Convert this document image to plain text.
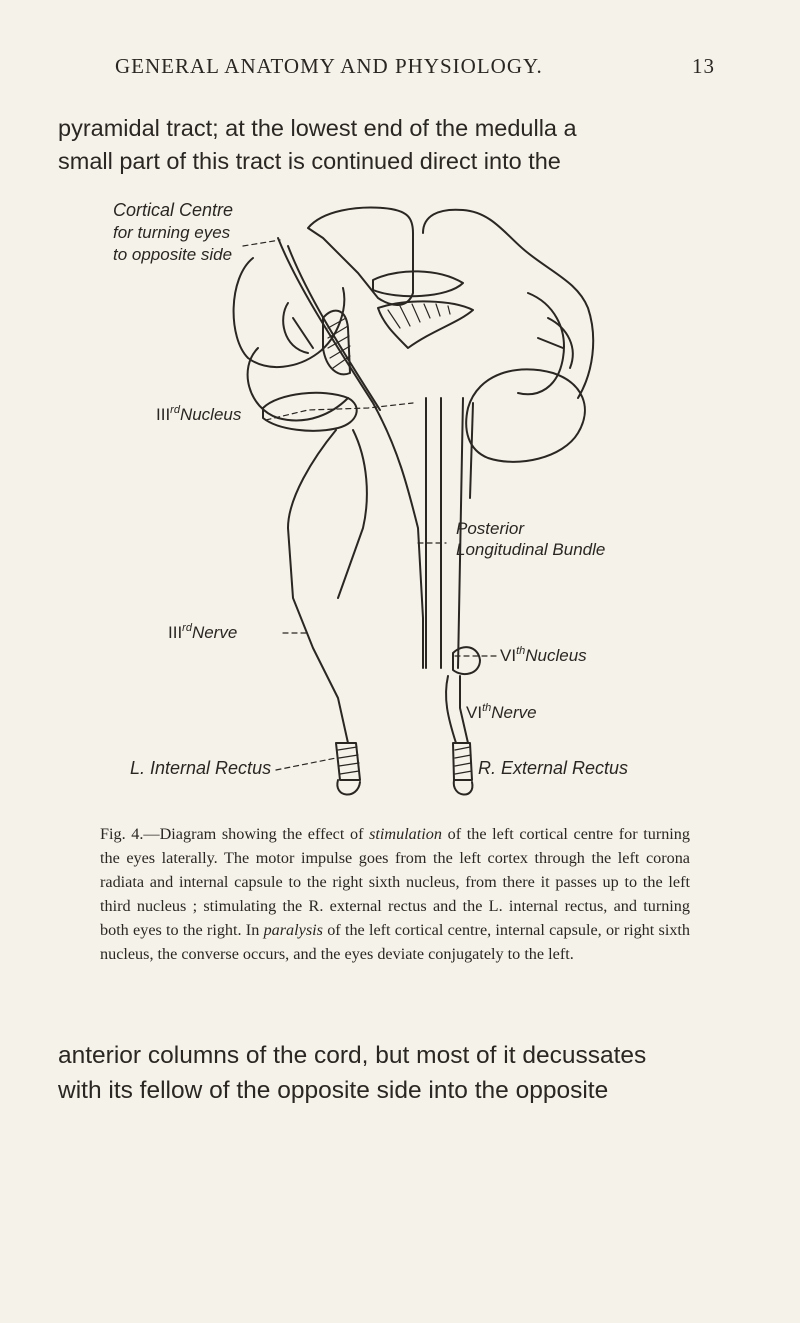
GENERAL ANATOMY AND PHYSIOLOGY.	13
pyramidal tract; at the lowest end of the medulla a
small part of this tract is continued direct into the
Cortical Centre
for turning eyes
to opposite side
IIIrdNucleus
IIIrdNerve
Posterior
Longitudinal Bundle
VIthNucleus
VIthNerve
L. Internal Rectus	R. External Rectus
Fig. 4.—Diagram showing the effect of stimulation of the left cortical centre for turning the eyes laterally. The motor impulse goes from the left cortex through the left corona radiata and internal capsule to the right sixth nucleus, from there it passes up to the left third nucleus ; stimulating the R. external rectus and the L. internal rectus, and turning both eyes to the right. In paralysis of the left cortical centre, internal capsule, or right sixth nucleus, the converse occurs, and the eyes deviate conjugately to the left.
anterior columns of the cord, but most of it decussates
with its fellow of the opposite side into the opposite
